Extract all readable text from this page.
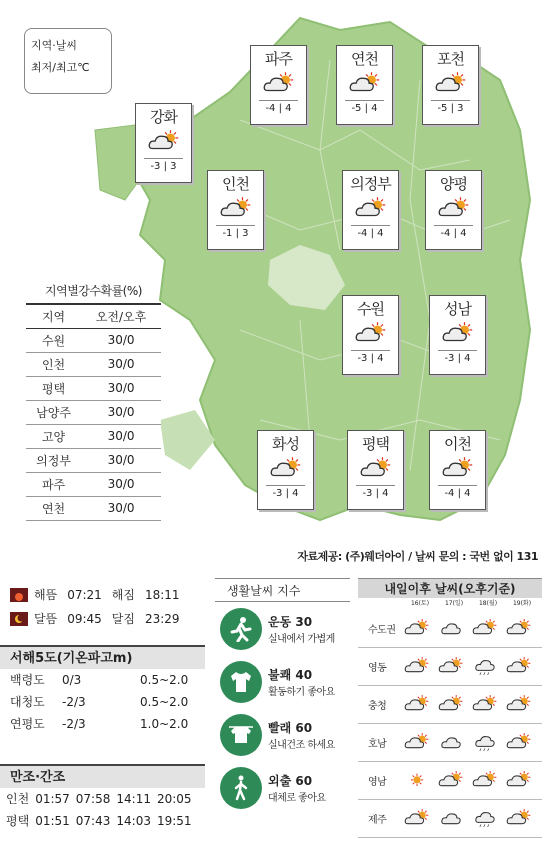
지역·날씨
최저/최고℃
강화
-3 | 3
파주
-4 | 4
연천
-5 | 4
포천
-5 | 3
인천
-1 | 3
의정부
-4 | 4
양평
-4 | 4
수원
-3 | 4
성남
-3 | 4
화성
-3 | 4
평택
-3 | 4
이천
-4 | 4
지역별강수확률(%)
지역	오전/오후
수원	30/0
인천	30/0
평택	30/0
남양주	30/0
고양	30/0
의정부	30/0
파주	30/0
연천	30/0
자료제공: (주)웨더아이 / 날씨 문의 : 국번 없이 131
해뜸 07:21 해짐 18:11
달뜸 09:45 달짐 23:29
서해5도(기온파고m)
백령도	0/3	0.5~2.0
대청도	-2/3	0.5~2.0
연평도	-2/3	1.0~2.0
만조·간조
인천 01:57 07:58 14:11 20:05
평택 01:51 07:43 14:03 19:51
생활날씨 지수
운동 30
실내에서 가볍게
불쾌 40
활동하기 좋아요
빨래 60
실내건조 하세요
외출 60
대체로 좋아요
내일이후 날씨(오후기준)
16(토)	17(일)	18(월)	19(화)
수도권
영동
충청
호남
영남
제주
